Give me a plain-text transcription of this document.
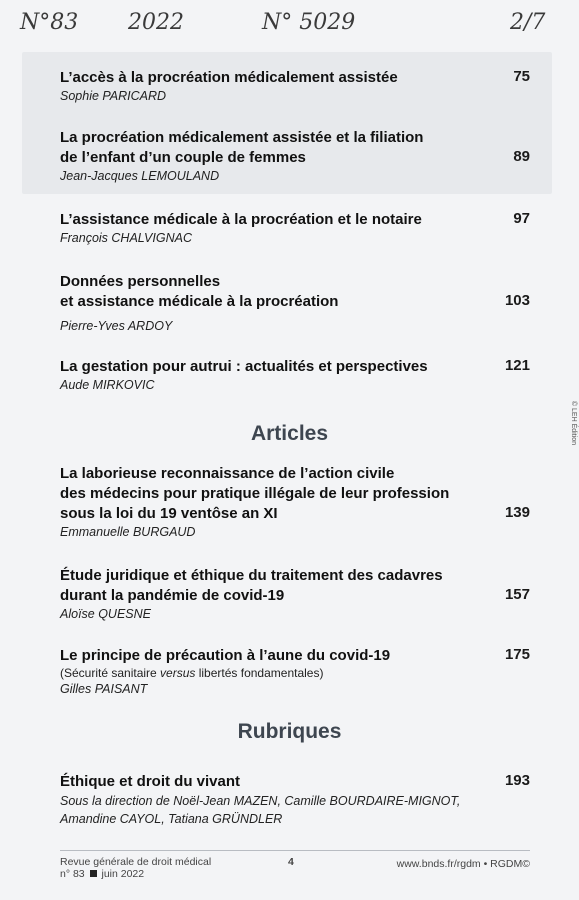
N°83 2022	N° 5029	2/7
L’accès à la procréation médicalement assistée
Sophie PARICARD
75
La procréation médicalement assistée et la filiation
de l’enfant d’un couple de femmes
Jean-Jacques LEMOULAND
89
L’assistance médicale à la procréation et le notaire
François CHALVIGNAC
97
Données personnelles
et assistance médicale à la procréation
Pierre-Yves ARDOY
103
La gestation pour autrui : actualités et perspectives
Aude MIRKOVIC
121
Articles
La laborieuse reconnaissance de l’action civile
des médecins pour pratique illégale de leur profession
sous la loi du 19 ventôse an XI
Emmanuelle BURGAUD
139
Étude juridique et éthique du traitement des cadavres
durant la pandémie de covid-19
Aloïse QUESNE
157
Le principe de précaution à l’aune du covid-19
(Sécurité sanitaire versus libertés fondamentales)
Gilles PAISANT
175
Rubriques
Éthique et droit du vivant
Sous la direction de Noël-Jean MAZEN, Camille BOURDAIRE-MIGNOT,
Amandine CAYOL, Tatiana GRÜNDLER
193
© LEH Édition
Revue générale de droit médical
n° 83 juin 2022
4	www.bnds.fr/rgdm • RGDM©
